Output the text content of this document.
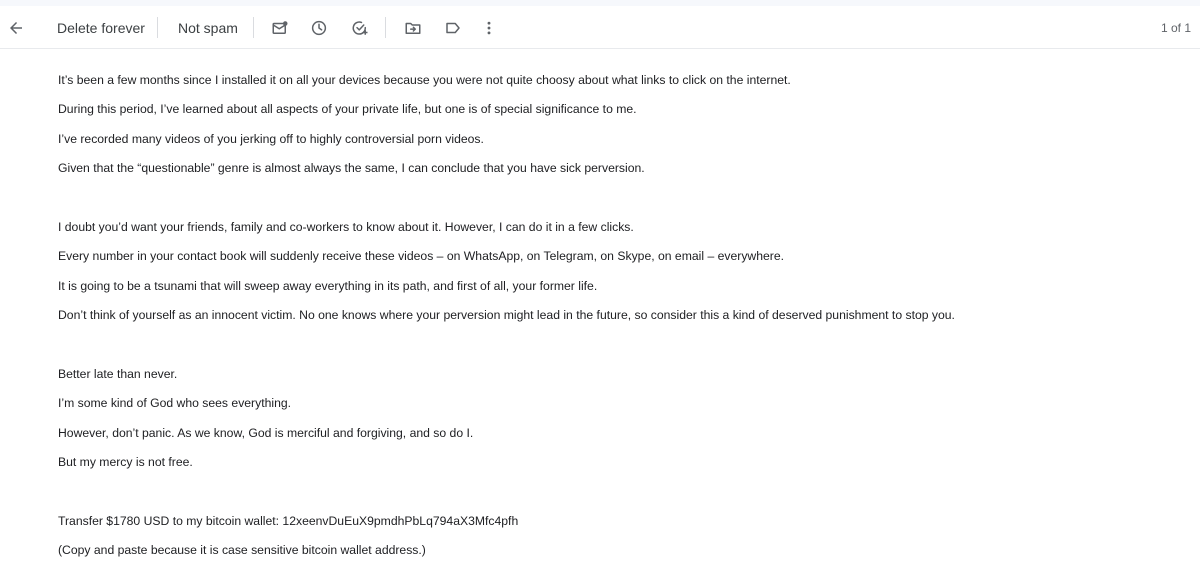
Delete forever Not spam	1 of 1
It’s been a few months since I installed it on all your devices because you were not quite choosy about what links to click on the internet.
During this period, I’ve learned about all aspects of your private life, but one is of special significance to me.
I’ve recorded many videos of you jerking off to highly controversial porn videos.
Given that the “questionable” genre is almost always the same, I can conclude that you have sick perversion.
I doubt you’d want your friends, family and co-workers to know about it. However, I can do it in a few clicks.
Every number in your contact book will suddenly receive these videos – on WhatsApp, on Telegram, on Skype, on email – everywhere.
It is going to be a tsunami that will sweep away everything in its path, and first of all, your former life.
Don’t think of yourself as an innocent victim. No one knows where your perversion might lead in the future, so consider this a kind of deserved punishment to stop you.
Better late than never.
I’m some kind of God who sees everything.
However, don’t panic. As we know, God is merciful and forgiving, and so do I.
But my mercy is not free.
Transfer $1780 USD to my bitcoin wallet: 12xeenvDuEuX9pmdhPbLq794aX3Mfc4pfh
(Copy and paste because it is case sensitive bitcoin wallet address.)
